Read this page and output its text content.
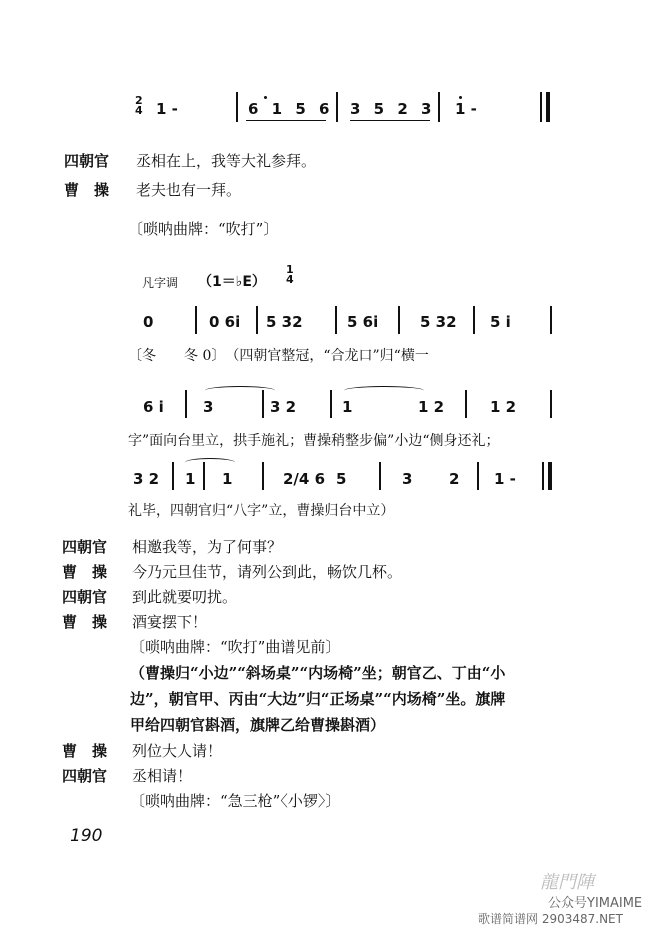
2
4 1 -	6 1 5 6 3 5 2 3 1 -
四朝官 丞相在上，我等大礼参拜。
曹　操 老夫也有一拜。
〔唢呐曲牌：“吹打”〕
凡字调 （1＝♭E）
1
4
0	0 6i 5 32	5 6i	5 32 5 i
〔冬　　冬 0〕　（四朝官整冠，“合龙口”归“横一
6 i	3	3 2	1	1 2	1 2
字”面向台里立，拱手施礼；曹操稍整步偏”小边“侧身还礼；
3 2 1 1	2/4 6 5	3 2 1 -
礼毕，四朝官归“八字”立，曹操归台中立）
四朝官 相邀我等，为了何事？
曹　操 今乃元旦佳节，请列公到此，畅饮几杯。
四朝官 到此就要叨扰。
曹　操 酒宴摆下！
〔唢呐曲牌：“吹打”曲谱见前〕
（曹操归“小边”“斜场桌”“内场椅”坐；朝官乙、丁由“小
边”，朝官甲、丙由“大边”归“正场桌”“内场椅”坐。旗牌
甲给四朝官斟酒，旗牌乙给曹操斟酒）
曹　操 列位大人请！
四朝官 丞相请！
〔唢呐曲牌：“急三枪”〈小锣〉〕
190
龍門陣
公众号YIMAIME
歌谱简谱网 2903487.NET
